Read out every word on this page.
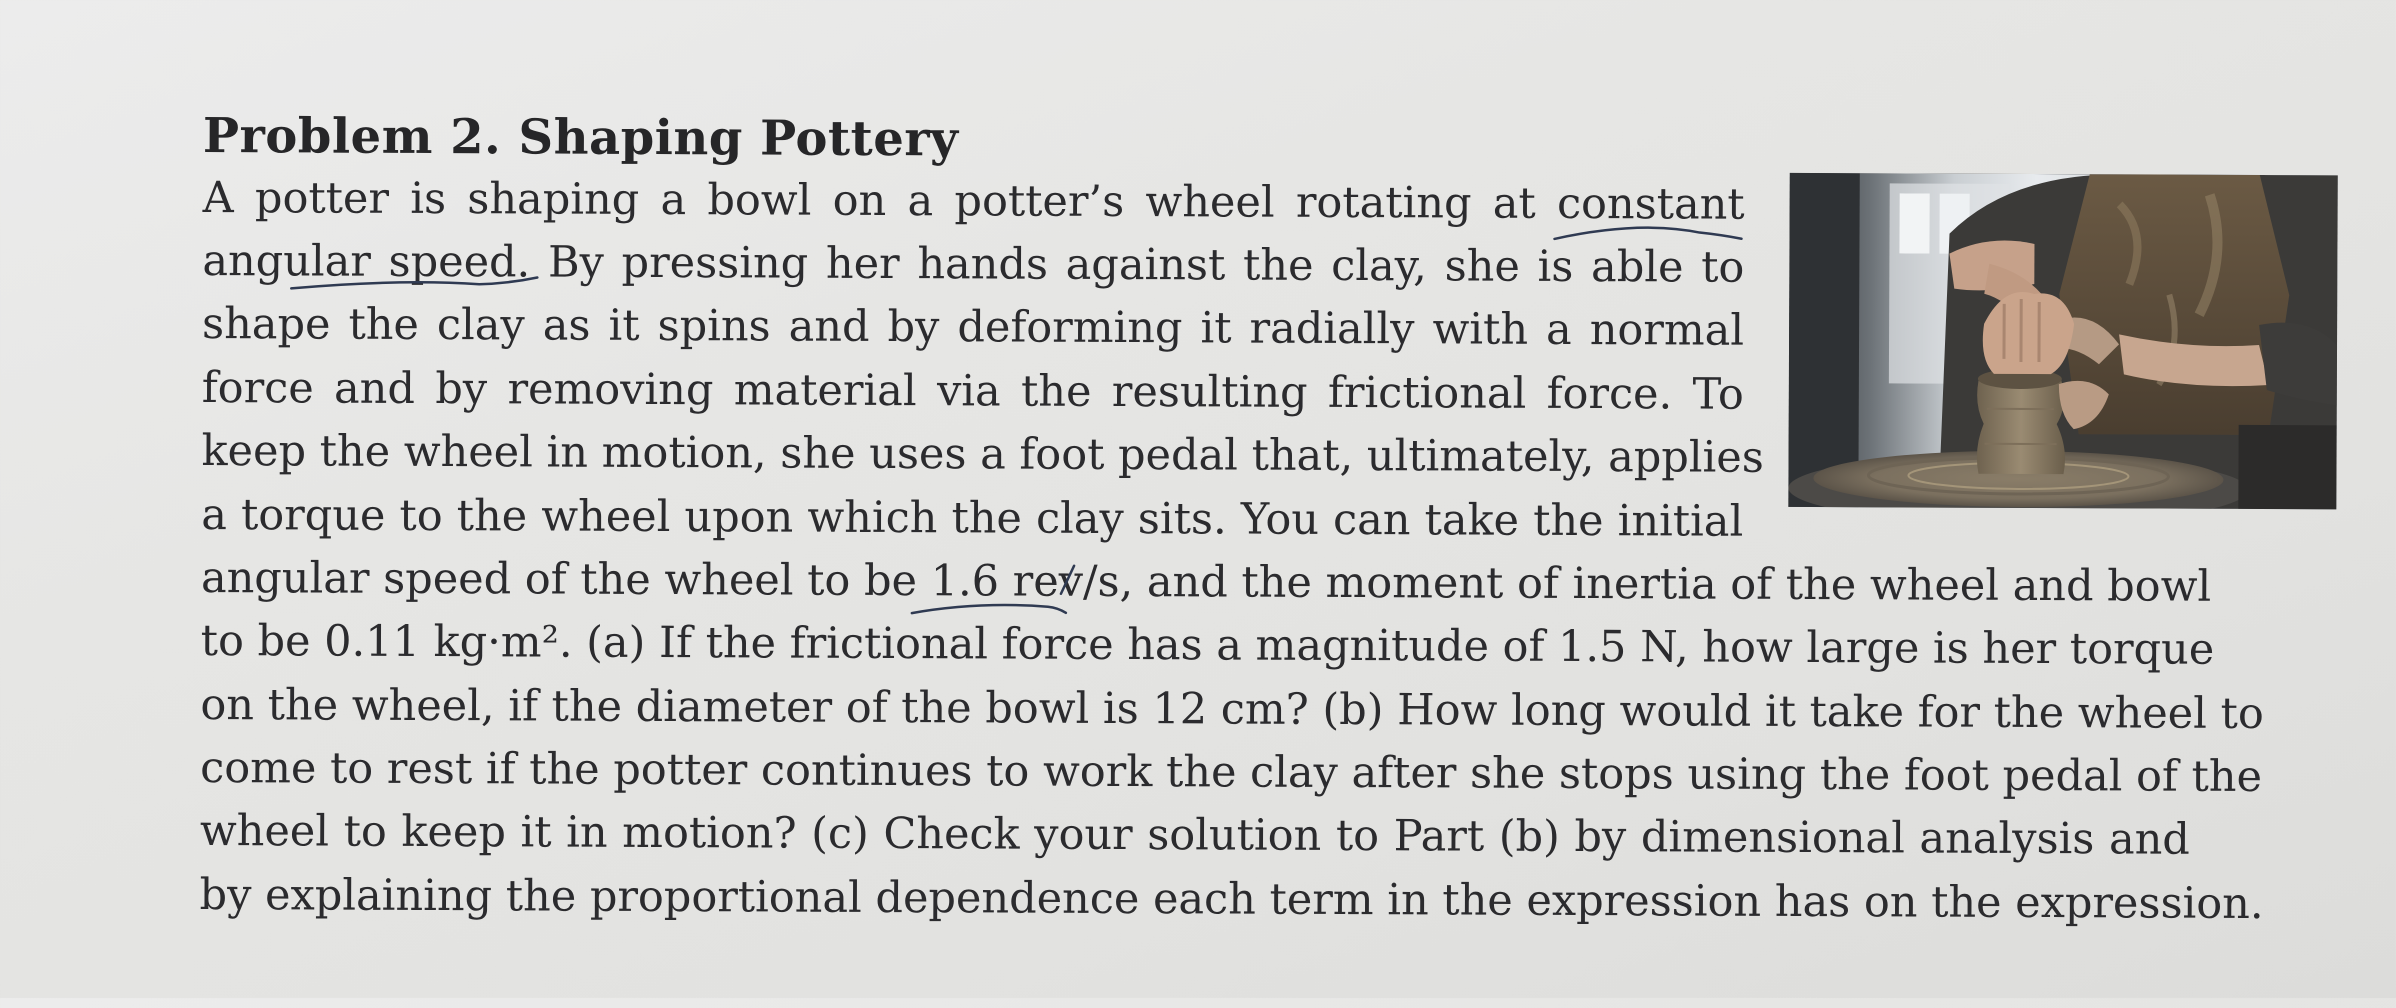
Problem 2. Shaping Pottery
A potter is shaping a bowl on a potter’s wheel rotating at constant
angular speed. By pressing her hands against the clay, she is able to
shape the clay as it spins and by deforming it radially with a normal
force and by removing material via the resulting frictional force. To
keep the wheel in motion, she uses a foot pedal that, ultimately, applies
a torque to the wheel upon which the clay sits. You can take the initial
angular speed of the wheel to be 1.6 rev/s, and the moment of inertia of the wheel and bowl
to be 0.11 kg·m². (a) If the frictional force has a magnitude of 1.5 N, how large is her torque
on the wheel, if the diameter of the bowl is 12 cm? (b) How long would it take for the wheel to
come to rest if the potter continues to work the clay after she stops using the foot pedal of the
wheel to keep it in motion? (c) Check your solution to Part (b) by dimensional analysis and
by explaining the proportional dependence each term in the expression has on the expression.
